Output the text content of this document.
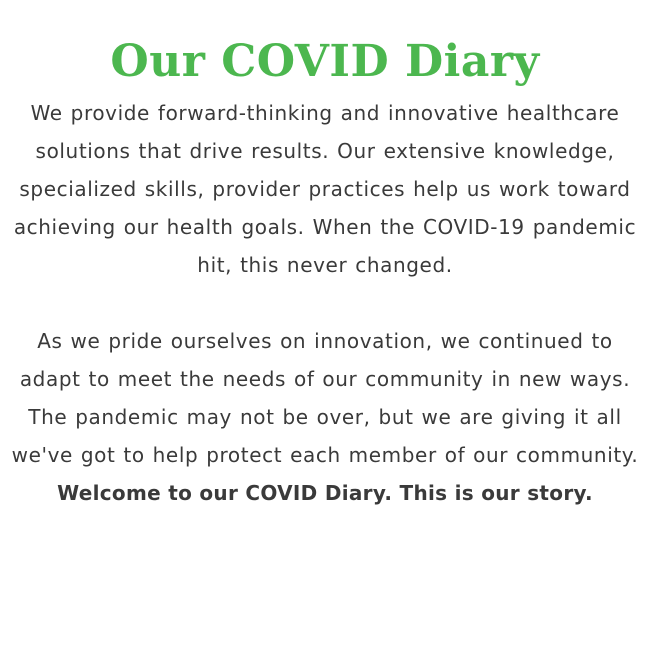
Our COVID Diary

We provide forward-thinking and innovative healthcare solutions that drive results. Our extensive knowledge, specialized skills, provider practices help us work toward achieving our health goals. When the COVID-19 pandemic hit, this never changed.

As we pride ourselves on innovation, we continued to adapt to meet the needs of our community in new ways. The pandemic may not be over, but we are giving it all we've got to help protect each member of our community.

Welcome to our COVID Diary. This is our story.
